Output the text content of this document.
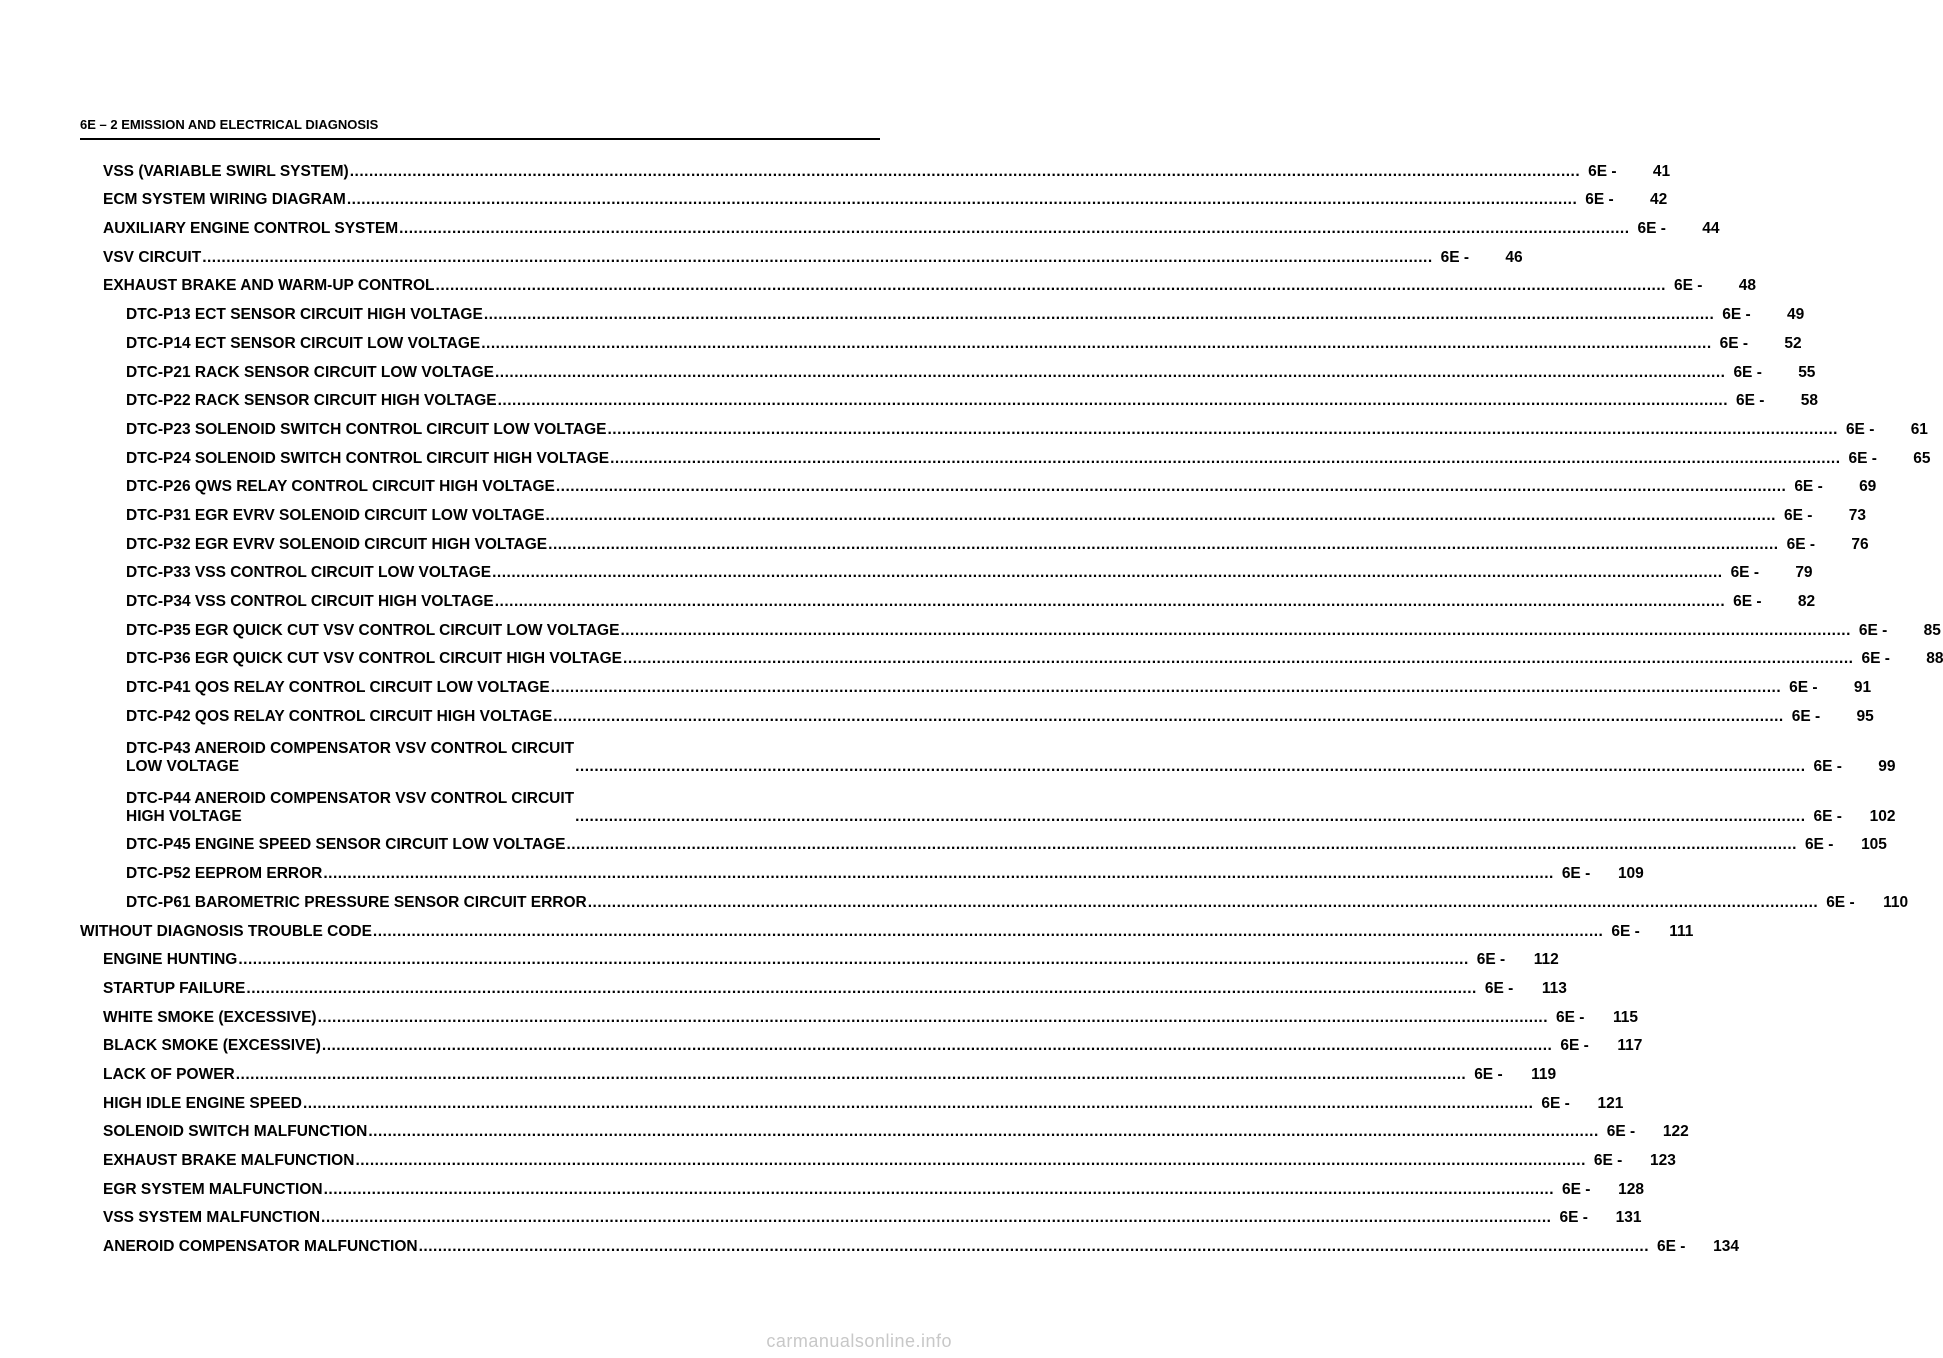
6E – 2 EMISSION AND ELECTRICAL DIAGNOSIS
VSS (VARIABLE SWIRL SYSTEM) .....	6E - 41
ECM SYSTEM WIRING DIAGRAM .....	6E - 42
AUXILIARY ENGINE CONTROL SYSTEM .....	6E - 44
VSV CIRCUIT .....	6E - 46
EXHAUST BRAKE AND WARM-UP CONTROL .....	6E - 48
DTC-P13 ECT SENSOR CIRCUIT HIGH VOLTAGE .....	6E - 49
DTC-P14 ECT SENSOR CIRCUIT LOW VOLTAGE .....	6E - 52
DTC-P21 RACK SENSOR CIRCUIT LOW VOLTAGE .....	6E - 55
DTC-P22 RACK SENSOR CIRCUIT HIGH VOLTAGE .....	6E - 58
DTC-P23 SOLENOID SWITCH CONTROL CIRCUIT LOW VOLTAGE .....	6E - 61
DTC-P24 SOLENOID SWITCH CONTROL CIRCUIT HIGH VOLTAGE .....	6E - 65
DTC-P26 QWS RELAY CONTROL CIRCUIT HIGH VOLTAGE .....	6E - 69
DTC-P31 EGR EVRV SOLENOID CIRCUIT LOW VOLTAGE .....	6E - 73
DTC-P32 EGR EVRV SOLENOID CIRCUIT HIGH VOLTAGE .....	6E - 76
DTC-P33 VSS CONTROL CIRCUIT LOW VOLTAGE .....	6E - 79
DTC-P34 VSS CONTROL CIRCUIT HIGH VOLTAGE .....	6E - 82
DTC-P35 EGR QUICK CUT VSV CONTROL CIRCUIT LOW VOLTAGE .....	6E - 85
DTC-P36 EGR QUICK CUT VSV CONTROL CIRCUIT HIGH VOLTAGE .....	6E - 88
DTC-P41 QOS RELAY CONTROL CIRCUIT LOW VOLTAGE .....	6E - 91
DTC-P42 QOS RELAY CONTROL CIRCUIT HIGH VOLTAGE .....	6E - 95
DTC-P43 ANEROID COMPENSATOR VSV CONTROL CIRCUIT
LOW VOLTAGE .....	6E - 99
DTC-P44 ANEROID COMPENSATOR VSV CONTROL CIRCUIT
HIGH VOLTAGE .....	6E - 102
DTC-P45 ENGINE SPEED SENSOR CIRCUIT LOW VOLTAGE .....	6E - 105
DTC-P52 EEPROM ERROR .....	6E - 109
DTC-P61 BAROMETRIC PRESSURE SENSOR CIRCUIT ERROR .....	6E - 110
WITHOUT DIAGNOSIS TROUBLE CODE .....	6E - 111
ENGINE HUNTING .....	6E - 112
STARTUP FAILURE .....	6E - 113
WHITE SMOKE (EXCESSIVE) .....	6E - 115
BLACK SMOKE (EXCESSIVE) .....	6E - 117
LACK OF POWER .....	6E - 119
HIGH IDLE ENGINE SPEED .....	6E - 121
SOLENOID SWITCH MALFUNCTION .....	6E - 122
EXHAUST BRAKE MALFUNCTION .....	6E - 123
EGR SYSTEM MALFUNCTION .....	6E - 128
VSS SYSTEM MALFUNCTION .....	6E - 131
ANEROID COMPENSATOR MALFUNCTION .....	6E - 134
carmanualsonline.info
